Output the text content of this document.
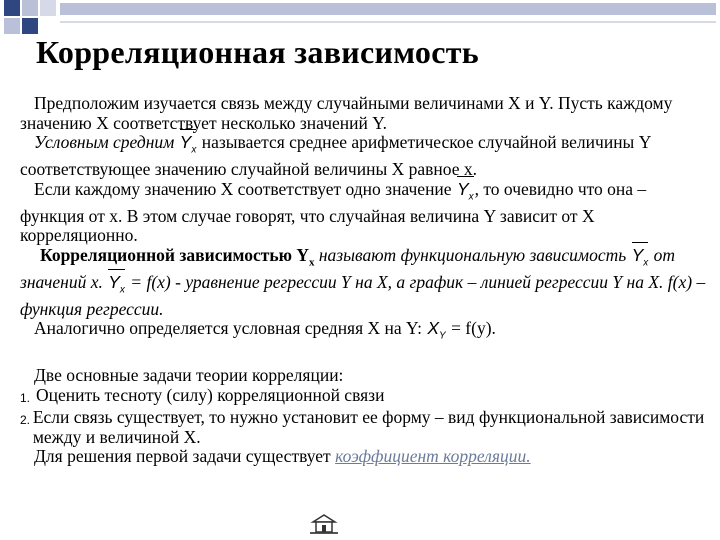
Корреляционная зависимость

Предположим изучается связь между случайными величинами X и Y. Пусть каждому значению X соответствует несколько значений Y.

Условным средним $Y_x$ называется среднее арифметическое случайной величины Y соответствующее значению случайной величины X равное x.

Если каждому значению X соответствует одно значение $Y_x$, то очевидно что она – функция от x. В этом случае говорят, что случайная величина Y зависит от X корреляционно.

Корреляционной зависимостью $Y_x$ называют функциональную зависимость $Y_x$ от значений x. $Y_x = f(x)$ - уравнение регрессии Y на X, а график – линией регрессии Y на X. f(x) – функция регрессии.

Аналогично определяется условная средняя X на Y: $X_Y = f(y)$.

Две основные задачи теории корреляции:

1. Оценить тесноту (силу) корреляционной связи
2. Если связь существует, то нужно установит ее форму – вид функциональной зависимости между и величиной X.

Для решения первой задачи существует коэффициент корреляции.
